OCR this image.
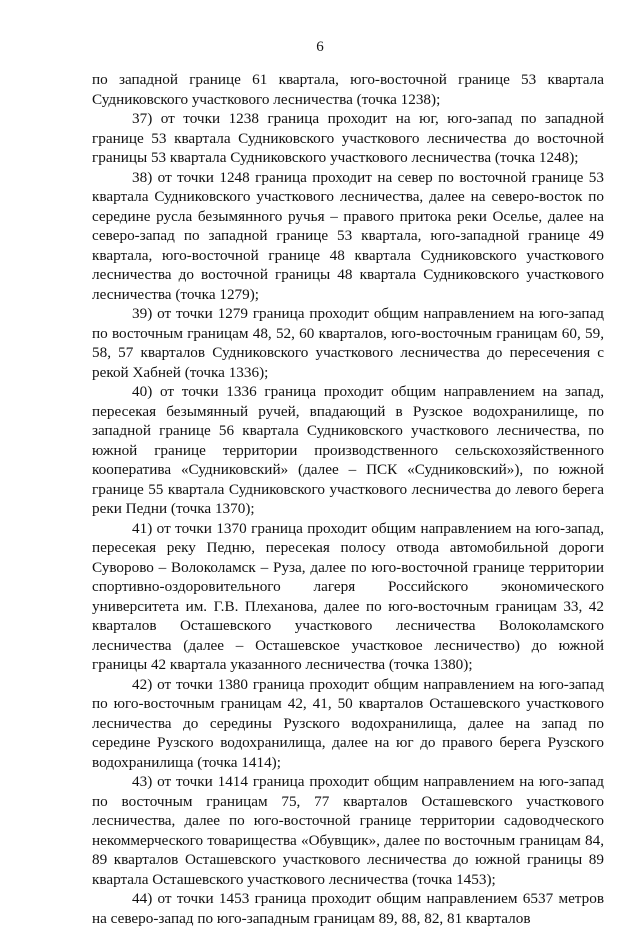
6

по западной границе 61 квартала, юго-восточной границе 53 квартала Судниковского участкового лесничества (точка 1238);

37) от точки 1238 граница проходит на юг, юго-запад по западной границе 53 квартала Судниковского участкового лесничества до восточной границы 53 квартала Судниковского участкового лесничества (точка 1248);

38) от точки 1248 граница проходит на север по восточной границе 53 квартала Судниковского участкового лесничества, далее на северо-восток по середине русла безымянного ручья – правого притока реки Осельe, далее на северо-запад по западной границе 53 квартала, юго-западной границе 49 квартала, юго-восточной границе 48 квартала Судниковского участкового лесничества до восточной границы 48 квартала Судниковского участкового лесничества (точка 1279);

39) от точки 1279 граница проходит общим направлением на юго-запад по восточным границам 48, 52, 60 кварталов, юго-восточным границам 60, 59, 58, 57 кварталов Судниковского участкового лесничества до пересечения с рекой Хабней (точка 1336);

40) от точки 1336 граница проходит общим направлением на запад, пересекая безымянный ручей, впадающий в Рузское водохранилище, по западной границе 56 квартала Судниковского участкового лесничества, по южной границе территории производственного сельскохозяйственного кооператива «Судниковский» (далее – ПСК «Судниковский»), по южной границе 55 квартала Судниковского участкового лесничества до левого берега реки Педни (точка 1370);

41) от точки 1370 граница проходит общим направлением на юго-запад, пересекая реку Педню, пересекая полосу отвода автомобильной дороги Суворово – Волоколамск – Руза, далее по юго-восточной границе территории спортивно-оздоровительного лагеря Российского экономического университета им. Г.В. Плеханова, далее по юго-восточным границам 33, 42 кварталов Осташевского участкового лесничества Волоколамского лесничества (далее – Осташевское участковое лесничество) до южной границы 42 квартала указанного лесничества (точка 1380);

42) от точки 1380 граница проходит общим направлением на юго-запад по юго-восточным границам 42, 41, 50 кварталов Осташевского участкового лесничества до середины Рузского водохранилища, далее на запад по середине Рузского водохранилища, далее на юг до правого берега Рузского водохранилища (точка 1414);

43) от точки 1414 граница проходит общим направлением на юго-запад по восточным границам 75, 77 кварталов Осташевского участкового лесничества, далее по юго-восточной границе территории садоводческого некоммерческого товарищества «Обувщик», далее по восточным границам 84, 89 кварталов Осташевского участкового лесничества до южной границы 89 квартала Осташевского участкового лесничества (точка 1453);

44) от точки 1453 граница проходит общим направлением 6537 метров на северо-запад по юго-западным границам 89, 88, 82, 81 кварталов
